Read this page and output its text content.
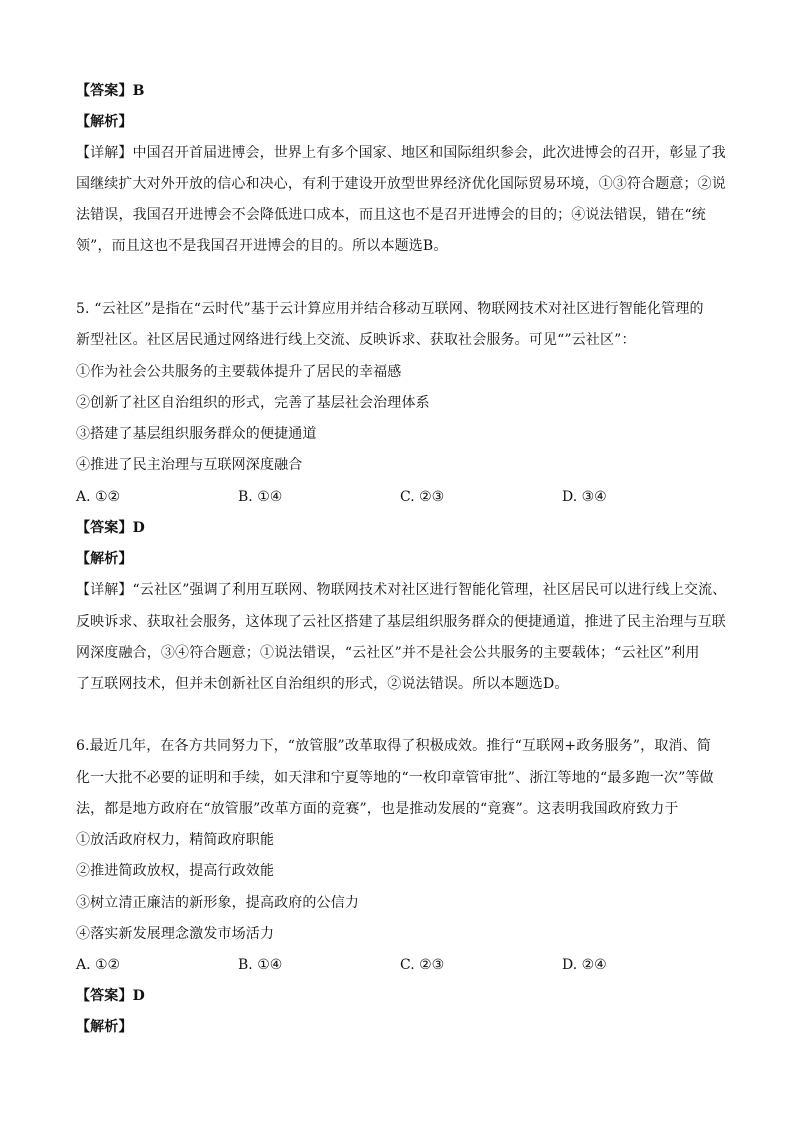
【答案】B
【解析】
【详解】中国召开首届进博会，世界上有多个国家、地区和国际组织参会，此次进博会的召开，彰显了我
国继续扩大对外开放的信心和决心，有利于建设开放型世界经济优化国际贸易环境，①③符合题意；②说
法错误，我国召开进博会不会降低进口成本，而且这也不是召开进博会的目的；④说法错误，错在“统
领”，而且这也不是我国召开进博会的目的。所以本题选B。
5. “云社区”是指在“云时代”基于云计算应用并结合移动互联网、物联网技术对社区进行智能化管理的
新型社区。社区居民通过网络进行线上交流、反映诉求、获取社会服务。可见“”云社区”：
①作为社会公共服务的主要载体提升了居民的幸福感
②创新了社区自治组织的形式，完善了基层社会治理体系
③搭建了基层组织服务群众的便捷通道
④推进了民主治理与互联网深度融合
A. ①②	B. ①④	C. ②③	D. ③④
【答案】D
【解析】
【详解】“云社区”强调了利用互联网、物联网技术对社区进行智能化管理，社区居民可以进行线上交流、
反映诉求、获取社会服务，这体现了云社区搭建了基层组织服务群众的便捷通道，推进了民主治理与互联
网深度融合，③④符合题意；①说法错误，“云社区”并不是社会公共服务的主要载体；“云社区”利用
了互联网技术，但并未创新社区自治组织的形式，②说法错误。所以本题选D。
6.最近几年，在各方共同努力下，“放管服”改革取得了积极成效。推行“互联网+政务服务”，取消、简
化一大批不必要的证明和手续，如天津和宁夏等地的“一枚印章管审批”、浙江等地的“最多跑一次”等做
法，都是地方政府在“放管服”改革方面的竞赛”，也是推动发展的“竟赛”。这表明我国政府致力于
①放活政府权力，精简政府职能
②推进简政放权，提高行政效能
③树立清正廉洁的新形象，提高政府的公信力
④落实新发展理念激发市场活力
A. ①②	B. ①④	C. ②③	D. ②④
【答案】D
【解析】
